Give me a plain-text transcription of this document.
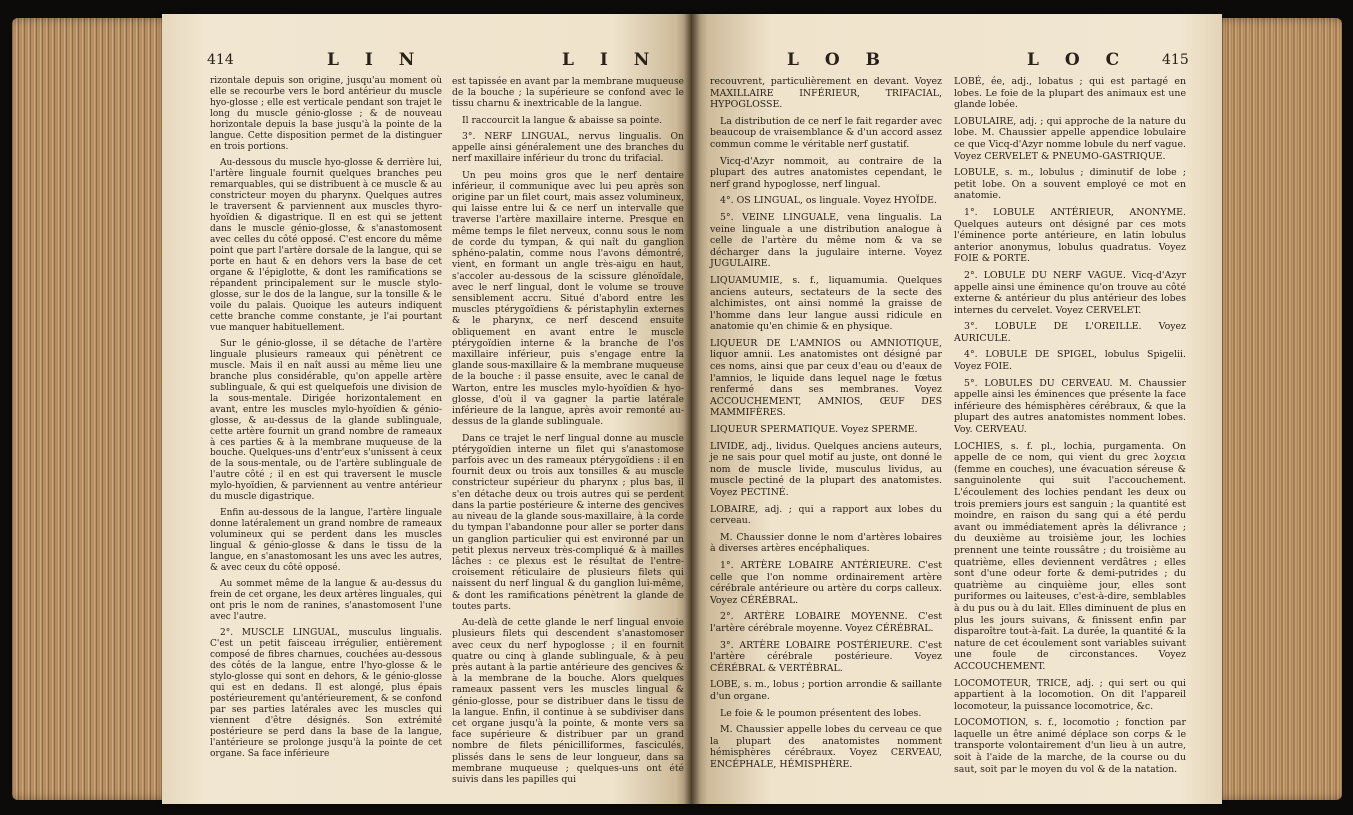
414	L I N	L I N

rizontale depuis son origine, jusqu'au moment où elle se recourbe vers le bord antérieur du muscle hyo-glosse ; elle est verticale pendant son trajet le long du muscle génio-glosse ; & de nouveau horizontale depuis la base jusqu'à la pointe de la langue. Cette disposition permet de la distinguer en trois portions.

Au-dessous du muscle hyo-glosse & derrière lui, l'artère linguale fournit quelques branches peu remarquables, qui se distribuent à ce muscle & au constricteur moyen du pharynx. Quelques autres le traversent & parviennent aux muscles thyro-hyoïdien & digastrique. Il en est qui se jettent dans le muscle génio-glosse, & s'anastomosent avec celles du côté opposé. C'est encore du même point que part l'artère dorsale de la langue, qui se porte en haut & en dehors vers la base de cet organe & l'épiglotte, & dont les ramifications se répandent principalement sur le muscle stylo-glosse, sur le dos de la langue, sur la tonsille & le voile du palais. Quoique les auteurs indiquent cette branche comme constante, je l'ai pourtant vue manquer habituellement.

Sur le génio-glosse, il se détache de l'artère linguale plusieurs rameaux qui pénètrent ce muscle. Mais il en naît aussi au même lieu une branche plus considérable, qu'on appelle artère sublinguale, & qui est quelquefois une division de la sous-mentale. Dirigée horizontalement en avant, entre les muscles mylo-hyoïdien & génio-glosse, & au-dessus de la glande sublinguale, cette artère fournit un grand nombre de rameaux à ces parties & à la membrane muqueuse de la bouche. Quelques-uns d'entr'eux s'unissent à ceux de la sous-mentale, ou de l'artère sublinguale de l'autre côté ; il en est qui traversent le muscle mylo-hyoïdien, & parviennent au ventre antérieur du muscle digastrique.

Enfin au-dessous de la langue, l'artère linguale donne latéralement un grand nombre de rameaux volumineux qui se perdent dans les muscles lingual & génio-glosse & dans le tissu de la langue, en s'anastomosant les uns avec les autres, & avec ceux du côté opposé.

Au sommet même de la langue & au-dessus du frein de cet organe, les deux artères linguales, qui ont pris le nom de ranines, s'anastomosent l'une avec l'autre.

2°. MUSCLE LINGUAL, musculus lingualis. C'est un petit faisceau irrégulier, entièrement composé de fibres charnues, couchées au-dessous des côtés de la langue, entre l'hyo-glosse & le stylo-glosse qui sont en dehors, & le génio-glosse qui est en dedans. Il est alongé, plus épais postérieurement qu'antérieurement, & se confond par ses parties latérales avec les muscles qui viennent d'être désignés. Son extrémité postérieure se perd dans la base de la langue, l'antérieure se prolonge jusqu'à la pointe de cet organe. Sa face inférieure

est tapissée en avant par la membrane muqueuse de la bouche ; la supérieure se confond avec le tissu charnu & inextricable de la langue.

Il raccourcit la langue & abaisse sa pointe.

3°. NERF LINGUAL, nervus lingualis. On appelle ainsi généralement une des branches du nerf maxillaire inférieur du tronc du trifacial.

Un peu moins gros que le nerf dentaire inférieur, il communique avec lui peu après son origine par un filet court, mais assez volumineux, qui laisse entre lui & ce nerf un intervalle que traverse l'artère maxillaire interne. Presque en même temps le filet nerveux, connu sous le nom de corde du tympan, & qui naît du ganglion sphéno-palatin, comme nous l'avons démontré, vient, en formant un angle très-aigu en haut, s'accoler au-dessous de la scissure glénoïdale, avec le nerf lingual, dont le volume se trouve sensiblement accru. Situé d'abord entre les muscles ptérygoïdiens & péristaphylin externes & le pharynx, ce nerf descend ensuite obliquement en avant entre le muscle ptérygoïdien interne & la branche de l'os maxillaire inférieur, puis s'engage entre la glande sous-maxillaire & la membrane muqueuse de la bouche : il passe ensuite, avec le canal de Warton, entre les muscles mylo-hyoïdien & hyo-glosse, d'où il va gagner la partie latérale inférieure de la langue, après avoir remonté au-dessus de la glande sublinguale.

Dans ce trajet le nerf lingual donne au muscle ptérygoïdien interne un filet qui s'anastomose parfois avec un des rameaux ptérygoïdiens : il en fournit deux ou trois aux tonsilles & au muscle constricteur supérieur du pharynx ; plus bas, il s'en détache deux ou trois autres qui se perdent dans la partie postérieure & interne des gencives au niveau de la glande sous-maxillaire, à la corde du tympan l'abandonne pour aller se porter dans un ganglion particulier qui est environné par un petit plexus nerveux très-compliqué & à mailles lâches : ce plexus est le résultat de l'entre-croisement réticulaire de plusieurs filets qui naissent du nerf lingual & du ganglion lui-même, & dont les ramifications pénètrent la glande de toutes parts.

Au-delà de cette glande le nerf lingual envoie plusieurs filets qui descendent s'anastomoser avec ceux du nerf hypoglosse ; il en fournit quatre ou cinq à glande sublinguale, & à peu près autant à la partie antérieure des gencives & à la membrane de la bouche. Alors quelques rameaux passent vers les muscles lingual & génio-glosse, pour se distribuer dans le tissu de la langue. Enfin, il continue à se subdiviser dans cet organe jusqu'à la pointe, & monte vers sa face supérieure & distribuer par un grand nombre de filets pénicilliformes, fasciculés, plissés dans le sens de leur longueur, dans sa membrane muqueuse ; quelques-uns ont été suivis dans les papilles qui

L O B	L O C 415

recouvrent, particulièrement en devant. Voyez MAXILLAIRE INFÉRIEUR, TRIFACIAL, HYPOGLOSSE.

La distribution de ce nerf le fait regarder avec beaucoup de vraisemblance & d'un accord assez commun comme le véritable nerf gustatif.

Vicq-d'Azyr nommoit, au contraire de la plupart des autres anatomistes cependant, le nerf grand hypoglosse, nerf lingual.

4°. OS LINGUAL, os linguale. Voyez HYOÏDE.

5°. VEINE LINGUALE, vena lingualis. La veine linguale a une distribution analogue à celle de l'artère du même nom & va se décharger dans la jugulaire interne. Voyez JUGULAIRE.

LIQUAMUMIE, s. f., liquamumia. Quelques anciens auteurs, sectateurs de la secte des alchimistes, ont ainsi nommé la graisse de l'homme dans leur langue aussi ridicule en anatomie qu'en chimie & en physique.

LIQUEUR DE L'AMNIOS ou AMNIOTIQUE, liquor amnii. Les anatomistes ont désigné par ces noms, ainsi que par ceux d'eau ou d'eaux de l'amnios, le liquide dans lequel nage le fœtus renfermé dans ses membranes. Voyez ACCOUCHEMENT, AMNIOS, ŒUF DES MAMMIFÈRES.

LIQUEUR SPERMATIQUE. Voyez SPERME.

LIVIDE, adj., lividus. Quelques anciens auteurs, je ne sais pour quel motif au juste, ont donné le nom de muscle livide, musculus lividus, au muscle pectiné de la plupart des anatomistes. Voyez PECTINÉ.

LOBAIRE, adj. ; qui a rapport aux lobes du cerveau.

M. Chaussier donne le nom d'artères lobaires à diverses artères encéphaliques.

1°. ARTÈRE LOBAIRE ANTÉRIEURE. C'est celle que l'on nomme ordinairement artère cérébrale antérieure ou artère du corps calleux. Voyez CÉRÉBRAL.

2°. ARTÈRE LOBAIRE MOYENNE. C'est l'artère cérébrale moyenne. Voyez CÉRÉBRAL.

3°. ARTÈRE LOBAIRE POSTÉRIEURE. C'est l'artère cérébrale postérieure. Voyez CÉRÉBRAL & VERTÉBRAL.

LOBE, s. m., lobus ; portion arrondie & saillante d'un organe.

Le foie & le poumon présentent des lobes.

M. Chaussier appelle lobes du cerveau ce que la plupart des anatomistes nomment hémisphères cérébraux. Voyez CERVEAU, ENCÉPHALE, HÉMISPHÈRE.

LOBÉ, ée, adj., lobatus ; qui est partagé en lobes. Le foie de la plupart des animaux est une glande lobée.

LOBULAIRE, adj. ; qui approche de la nature du lobe. M. Chaussier appelle appendice lobulaire ce que Vicq-d'Azyr nomme lobule du nerf vague. Voyez CERVELET & PNEUMO-GASTRIQUE.

LOBULE, s. m., lobulus ; diminutif de lobe ; petit lobe. On a souvent employé ce mot en anatomie.

1°. LOBULE ANTÉRIEUR, ANONYME. Quelques auteurs ont désigné par ces mots l'éminence porte antérieure, en latin lobulus anterior anonymus, lobulus quadratus. Voyez FOIE & PORTE.

2°. LOBULE DU NERF VAGUE. Vicq-d'Azyr appelle ainsi une éminence qu'on trouve au côté externe & antérieur du plus antérieur des lobes internes du cervelet. Voyez CERVELET.

3°. LOBULE DE L'OREILLE. Voyez AURICULE.

4°. LOBULE DE SPIGEL, lobulus Spigelii. Voyez FOIE.

5°. LOBULES DU CERVEAU. M. Chaussier appelle ainsi les éminences que présente la face inférieure des hémisphères cérébraux, & que la plupart des autres anatomistes nomment lobes. Voy. CERVEAU.

LOCHIES, s. f. pl., lochia, purgamenta. On appelle de ce nom, qui vient du grec λοχεια (femme en couches), une évacuation séreuse & sanguinolente qui suit l'accouchement. L'écoulement des lochies pendant les deux ou trois premiers jours est sanguin ; la quantité est moindre, en raison du sang qui a été perdu avant ou immédiatement après la délivrance ; du deuxième au troisième jour, les lochies prennent une teinte roussâtre ; du troisième au quatrième, elles deviennent verdâtres ; elles sont d'une odeur forte & demi-putrides ; du quatrième au cinquième jour, elles sont puriformes ou laiteuses, c'est-à-dire, semblables à du pus ou à du lait. Elles diminuent de plus en plus les jours suivans, & finissent enfin par disparoître tout-à-fait. La durée, la quantité & la nature de cet écoulement sont variables suivant une foule de circonstances. Voyez ACCOUCHEMENT.

LOCOMOTEUR, TRICE, adj. ; qui sert ou qui appartient à la locomotion. On dit l'appareil locomoteur, la puissance locomotrice, &c.

LOCOMOTION, s. f., locomotio ; fonction par laquelle un être animé déplace son corps & le transporte volontairement d'un lieu à un autre, soit à l'aide de la marche, de la course ou du saut, soit par le moyen du vol & de la natation.
